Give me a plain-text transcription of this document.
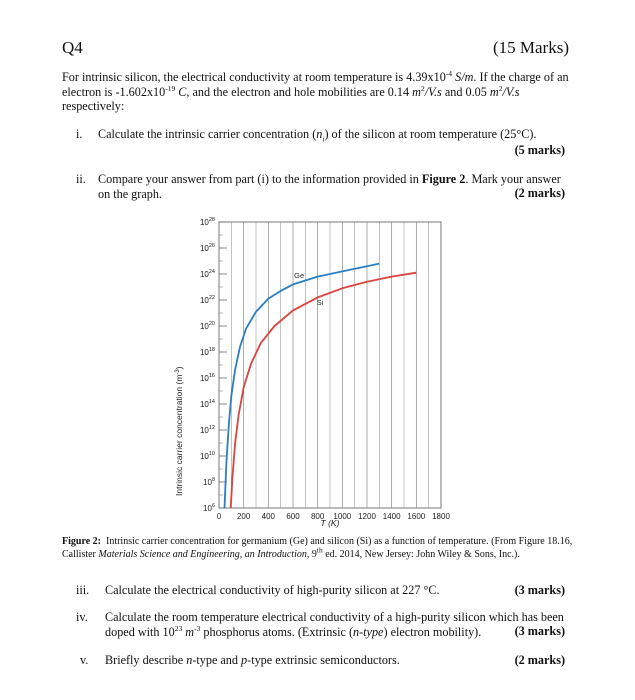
Q4	(15 Marks)
For intrinsic silicon, the electrical conductivity at room temperature is $4.39x10^{-4}$ S/m. If the charge of an electron is $-1.602x10^{-19}$ C, and the electron and hole mobilities are 0.14 $m^2/V.s$ and 0.05 $m^2/V.s$ respectively:
i. Calculate the intrinsic carrier concentration $(n_i)$ of the silicon at room temperature (25°C).
(5 marks)
ii. Compare your answer from part (i) to the information provided in Figure 2. Mark your answer on the graph.	(2 marks)
$10^{28}$
$10^{26}$
$10^{24}$
$10^{22}$
$10^{20}$
$10^{18}$
$10^{16}$
$10^{14}$
$10^{12}$
$10^{10}$
$10^8$
$10^6$
0 200 400 600 800 1000 1200 1400 1600 1800
Ge
Si
Intrinsic carrier concentration $(m^{-3})$
T (K)
Figure 2: Intrinsic carrier concentration for germanium (Ge) and silicon (Si) as a function of temperature. (From Figure 18.16, Callister Materials Science and Engineering, an Introduction, 9th ed. 2014, New Jersey: John Wiley & Sons, Inc.).
iii. Calculate the electrical conductivity of high-purity silicon at 227 °C.	(3 marks)
iv. Calculate the room temperature electrical conductivity of a high-purity silicon which has been doped with $10^{23}$ $m^{-3}$ phosphorus atoms. (Extrinsic (n-type) electron mobility).	(3 marks)
v. Briefly describe n-type and p-type extrinsic semiconductors.	(2 marks)
